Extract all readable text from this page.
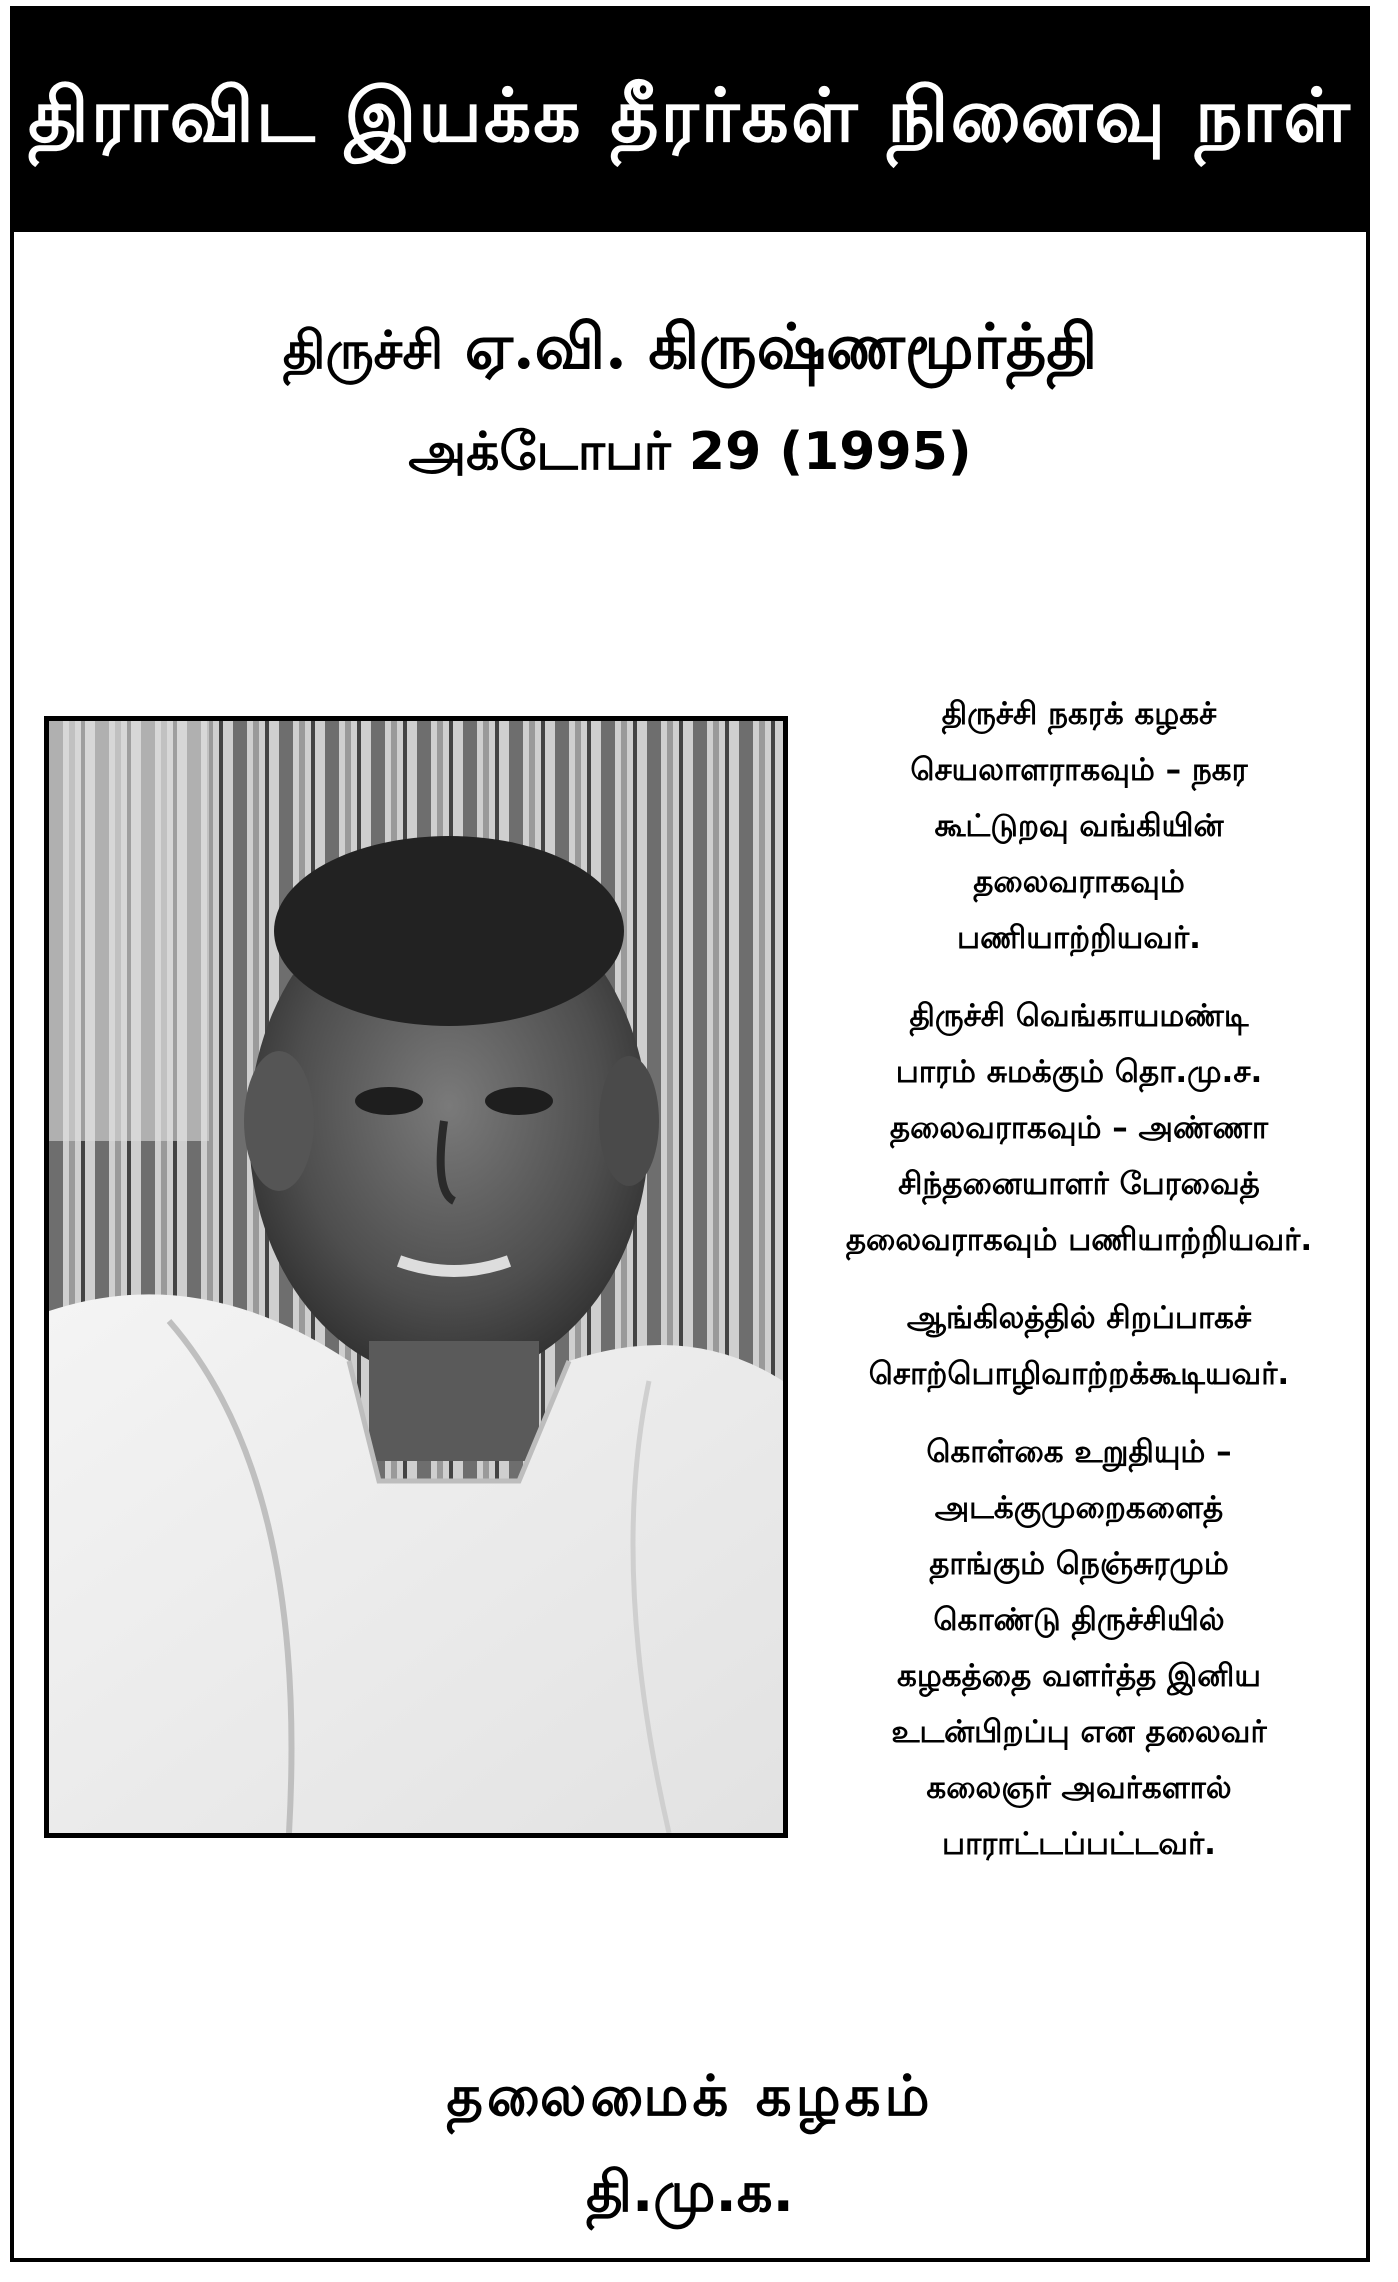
திராவிட இயக்க தீரர்கள் நினைவு நாள்
திருச்சி ஏ.வி. கிருஷ்ணமூர்த்தி
அக்டோபர் 29 (1995)

திருச்சி நகரக் கழகச்
செயலாளராகவும் – நகர
கூட்டுறவு வங்கியின்
தலைவராகவும்
பணியாற்றியவர்.

திருச்சி வெங்காயமண்டி
பாரம் சுமக்கும் தொ.மு.ச.
தலைவராகவும் – அண்ணா
சிந்தனையாளர் பேரவைத்
தலைவராகவும் பணியாற்றியவர்.

ஆங்கிலத்தில் சிறப்பாகச்
சொற்பொழிவாற்றக்கூடியவர்.

கொள்கை உறுதியும் –
அடக்குமுறைகளைத்
தாங்கும் நெஞ்சுரமும்
கொண்டு திருச்சியில்
கழகத்தை வளர்த்த இனிய
உடன்பிறப்பு என தலைவர்
கலைஞர் அவர்களால்
பாராட்டப்பட்டவர்.

தலைமைக் கழகம்
தி.மு.க.
